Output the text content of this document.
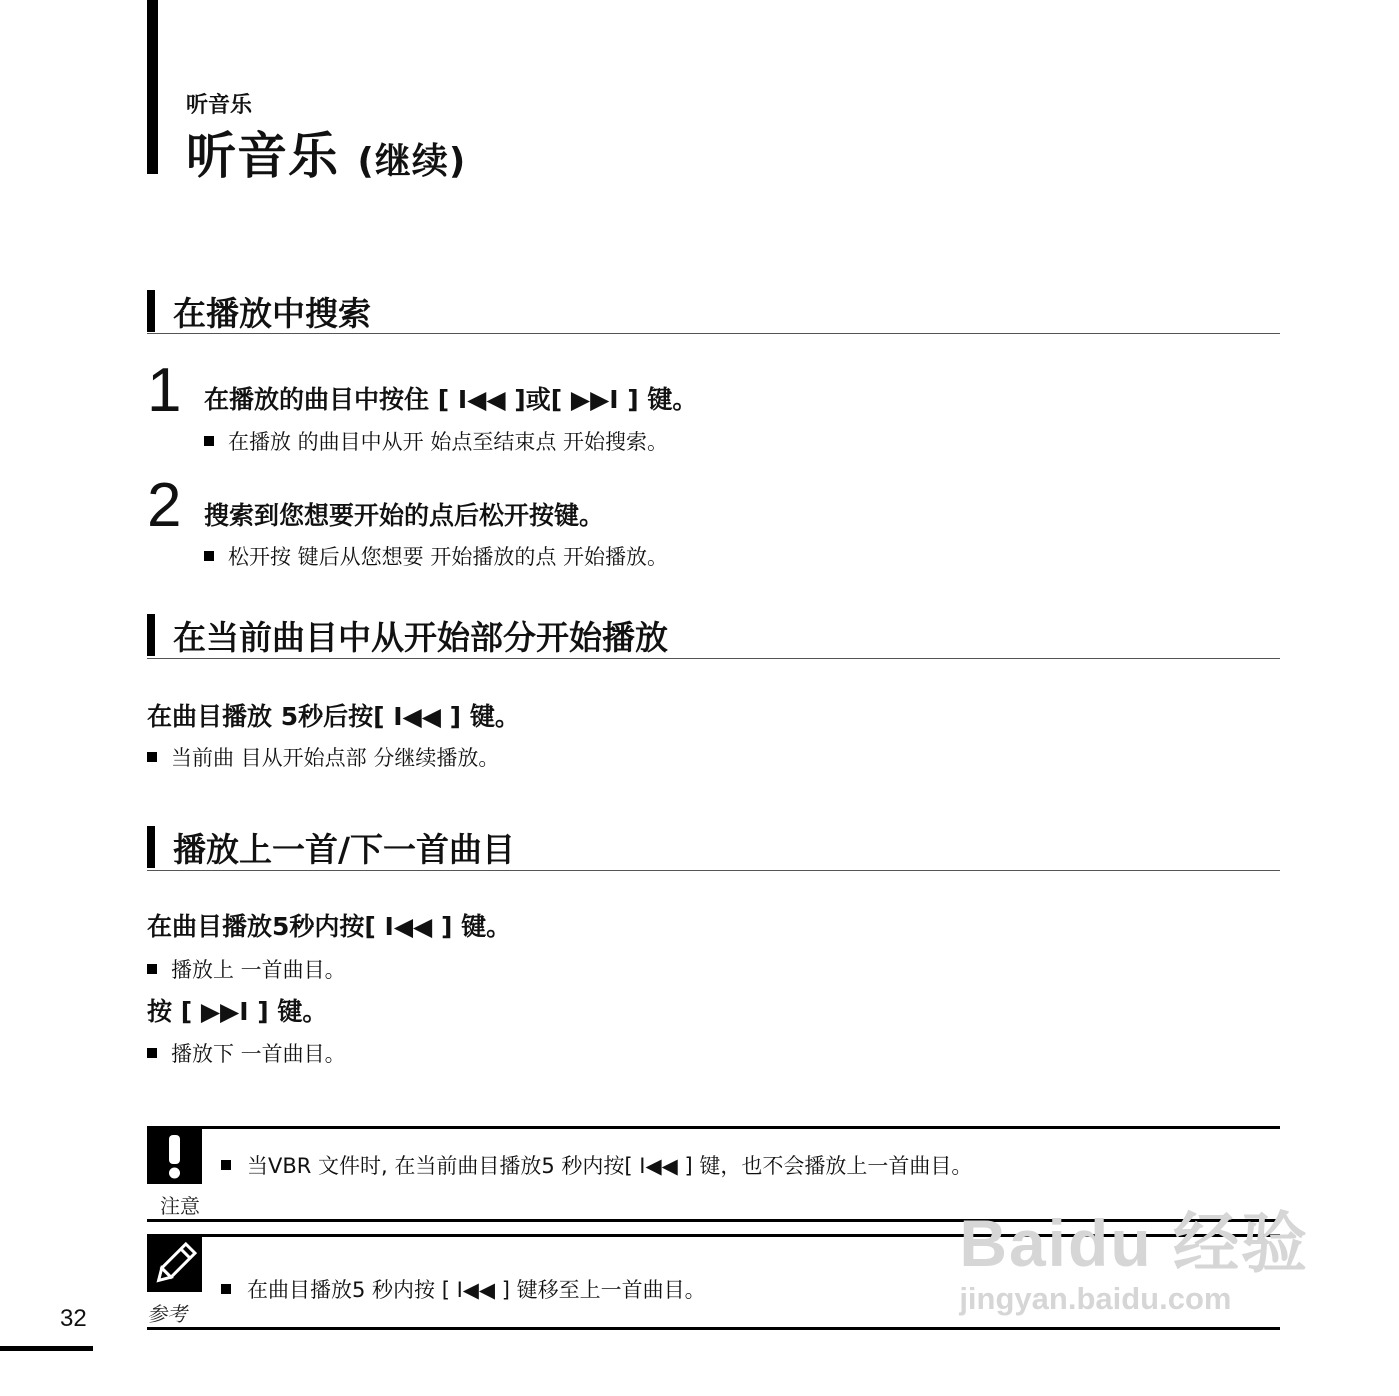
听音乐
听音乐 (继续)
在播放中搜索
1 在播放的曲目中按住 [ I◀◀ ]或[ ▶▶I ] 键。
在播放 的曲目中从开 始点至结束点 开始搜索。
2 搜索到您想要开始的点后松开按键。
松开按 键后从您想要 开始播放的点 开始播放。
在当前曲目中从开始部分开始播放
在曲目播放 5秒后按[ I◀◀ ] 键。
当前曲 目从开始点部 分继续播放。
播放上一首/下一首曲目
在曲目播放5秒内按[ I◀◀ ] 键。
播放上 一首曲目。
按 [ ▶▶I ] 键。
播放下 一首曲目。
注意
当VBR 文件时, 在当前曲目播放5 秒内按[ I◀◀ ] 键，也不会播放上一首曲目。
参考
在曲目播放5 秒内按 [ I◀◀ ] 键移至上一首曲目。
Baidu 经验
jingyan.baidu.com
32
